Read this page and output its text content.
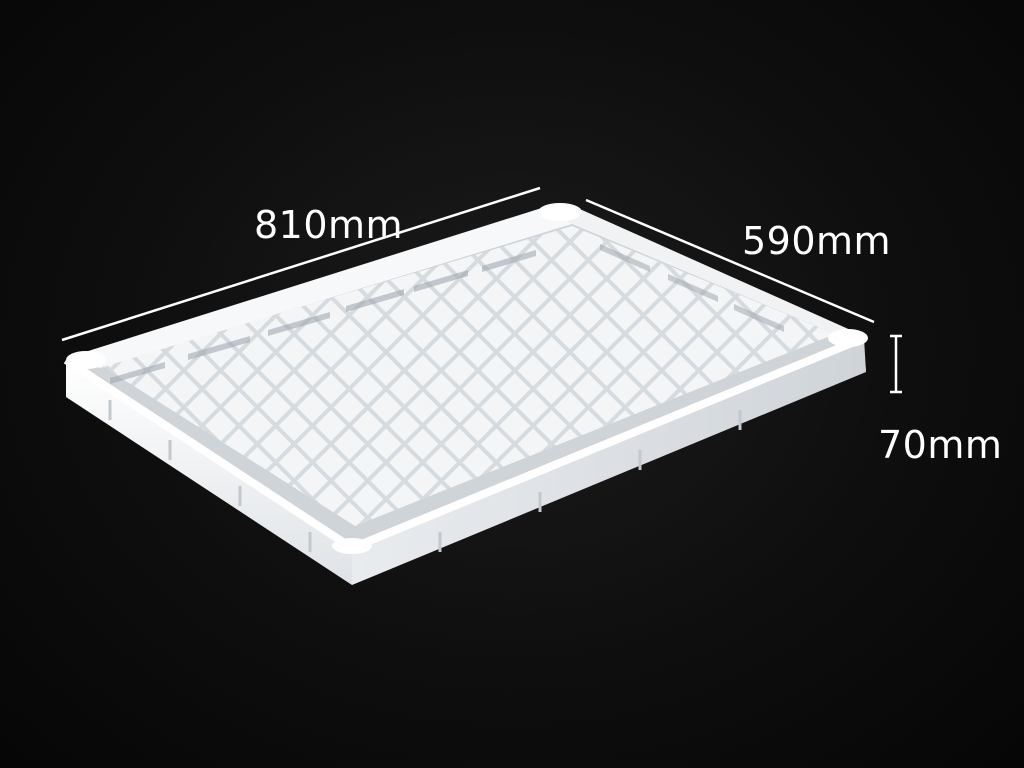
810mm	590mm
70mm
